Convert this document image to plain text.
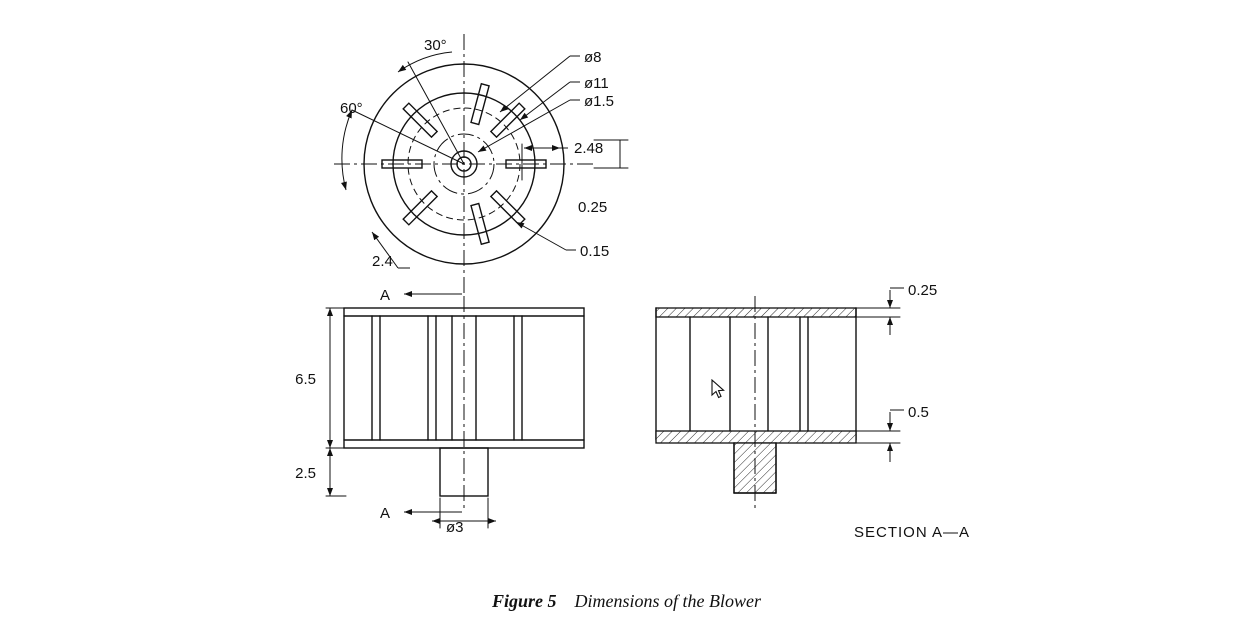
30°
60°
ø8
ø11
ø1.5
2.48
0.25
0.15
2.4
6.5
2.5
ø3
A
A
0.25
0.5
SECTION A—A
Figure 5 Dimensions of the Blower
